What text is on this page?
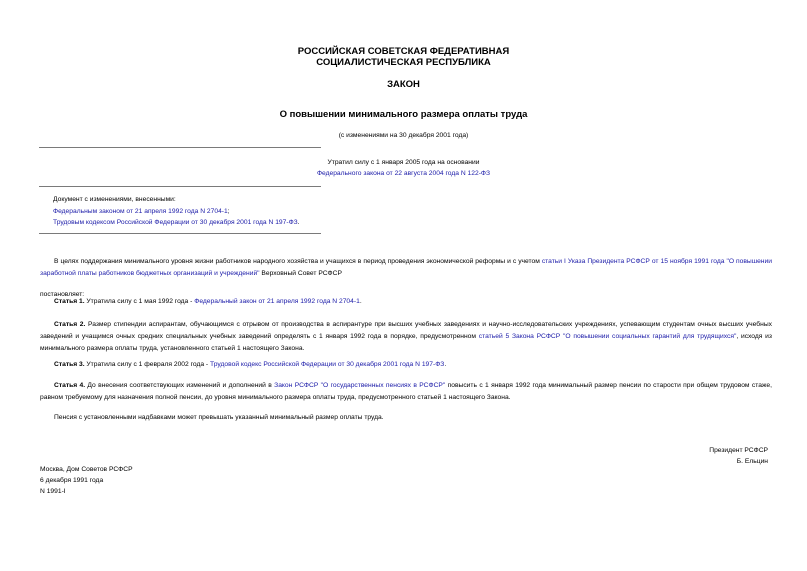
РОССИЙСКАЯ СОВЕТСКАЯ ФЕДЕРАТИВНАЯ
СОЦИАЛИСТИЧЕСКАЯ РЕСПУБЛИКА
ЗАКОН
О повышении минимального размера оплаты труда
(с изменениями на 30 декабря 2001 года)
Утратил силу с 1 января 2005 года на основании
Федерального закона от 22 августа 2004 года N 122-ФЗ
Документ с изменениями, внесенными:
Федеральным законом от 21 апреля 1992 года N 2704-1;
Трудовым кодексом Российской Федерации от 30 декабря 2001 года N 197-ФЗ.
В целях поддержания минимального уровня жизни работников народного хозяйства и учащихся в период проведения экономической реформы и с учетом статьи I Указа Президента РСФСР от 15 ноября 1991 года "О повышении заработной платы работников бюджетных организаций и учреждений" Верховный Совет РСФСР
постановляет:
Статья 1. Утратила силу с 1 мая 1992 года - Федеральный закон от 21 апреля 1992 года N 2704-1.
Статья 2. Размер стипендии аспирантам, обучающимся с отрывом от производства в аспирантуре при высших учебных заведениях и научно-исследовательских учреждениях, успевающим студентам очных высших учебных заведений и учащимся очных средних специальных учебных заведений определять с 1 января 1992 года в порядке, предусмотренном статьей 5 Закона РСФСР "О повышении социальных гарантий для трудящихся", исходя из минимального размера оплаты труда, установленного статьей 1 настоящего Закона.
Статья 3. Утратила силу с 1 февраля 2002 года - Трудовой кодекс Российской Федерации от 30 декабря 2001 года N 197-ФЗ.
Статья 4. До внесения соответствующих изменений и дополнений в Закон РСФСР "О государственных пенсиях в РСФСР" повысить с 1 января 1992 года минимальный размер пенсии по старости при общем трудовом стаже, равном требуемому для назначения полной пенсии, до уровня минимального размера оплаты труда, предусмотренного статьей 1 настоящего Закона.
Пенсия с установленными надбавками может превышать указанный минимальный размер оплаты труда.
Президент РСФСР
Б. Ельцин
Москва, Дом Советов РСФСР
6 декабря 1991 года
N 1991-I
